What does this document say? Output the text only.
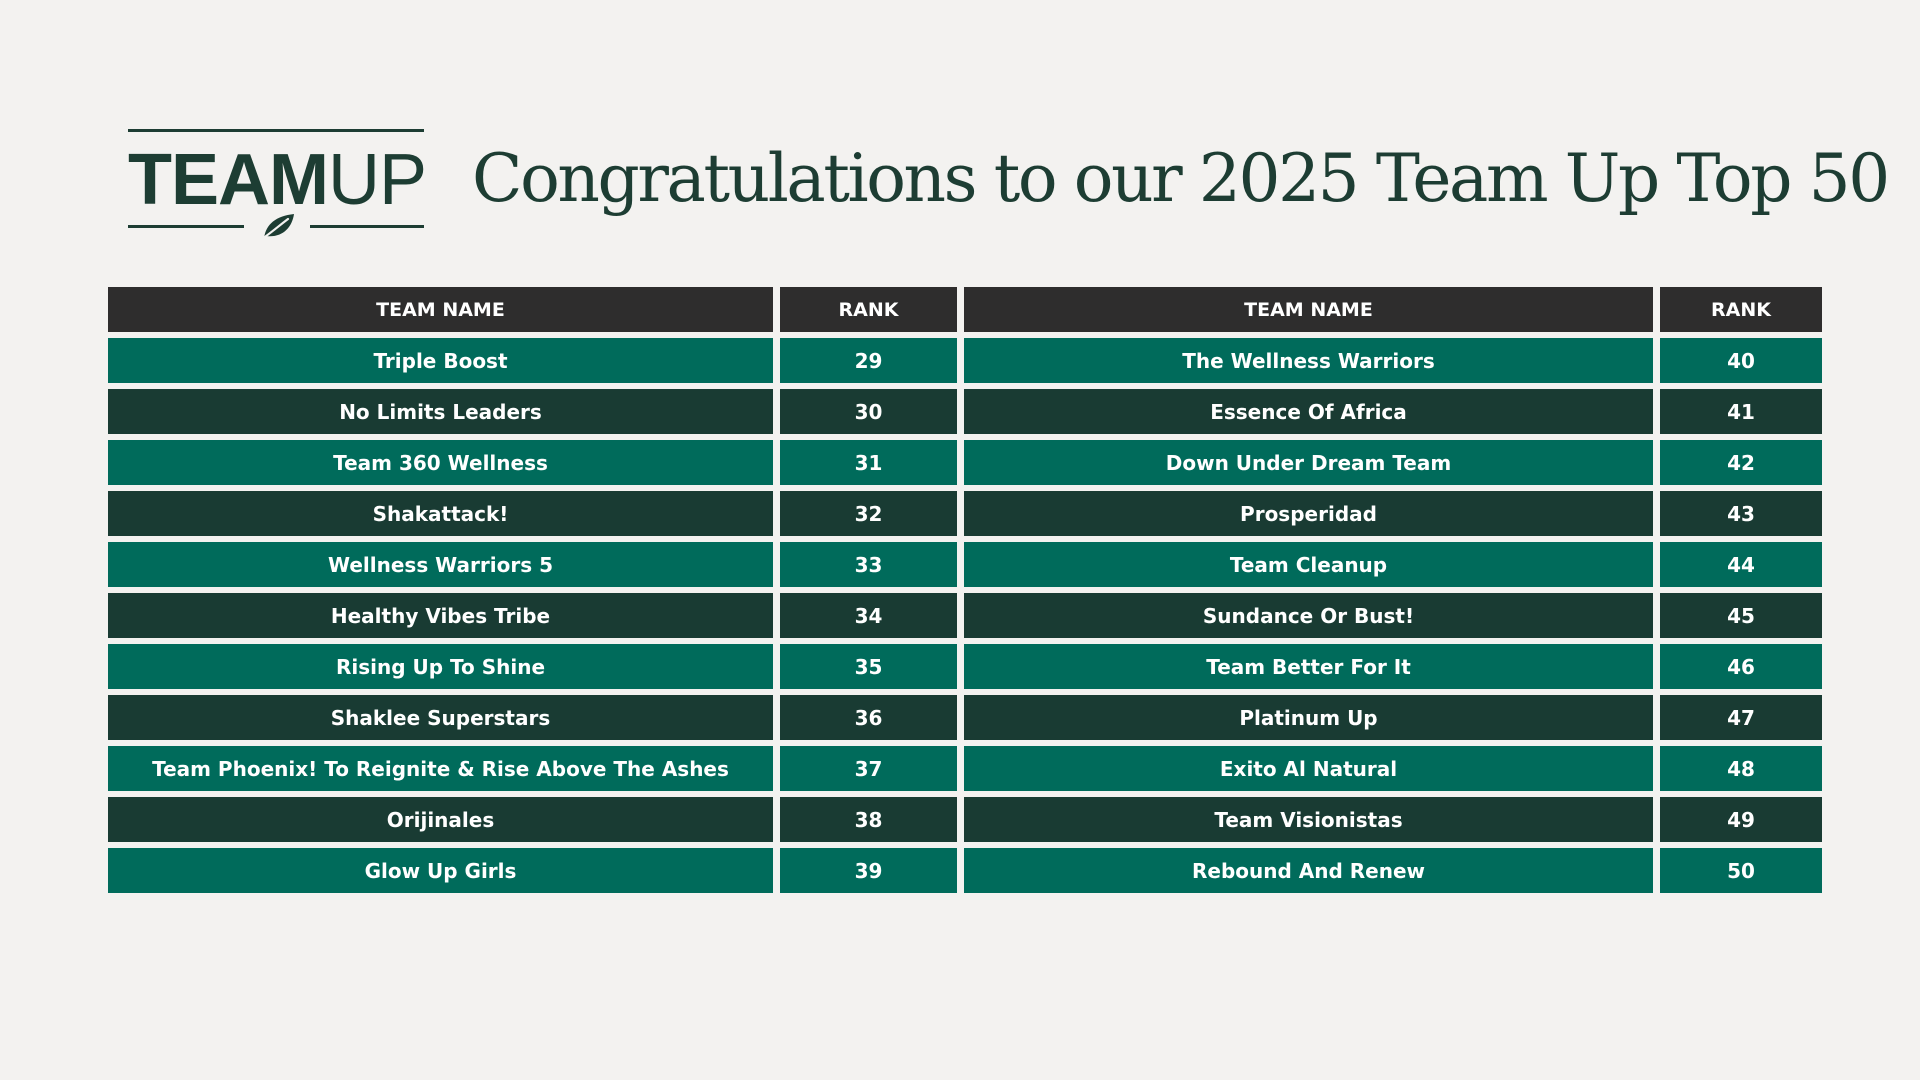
TEAMUP Congratulations to our 2025 Team Up Top 50
TEAM NAME	RANK	TEAM NAME	RANK
Triple Boost	29	The Wellness Warriors	40
No Limits Leaders	30	Essence Of Africa	41
Team 360 Wellness	31	Down Under Dream Team	42
Shakattack!	32	Prosperidad	43
Wellness Warriors 5	33	Team Cleanup	44
Healthy Vibes Tribe	34	Sundance Or Bust!	45
Rising Up To Shine	35	Team Better For It	46
Shaklee Superstars	36	Platinum Up	47
Team Phoenix! To Reignite & Rise Above The Ashes	37	Exito Al Natural	48
Orijinales	38	Team Visionistas	49
Glow Up Girls	39	Rebound And Renew	50
